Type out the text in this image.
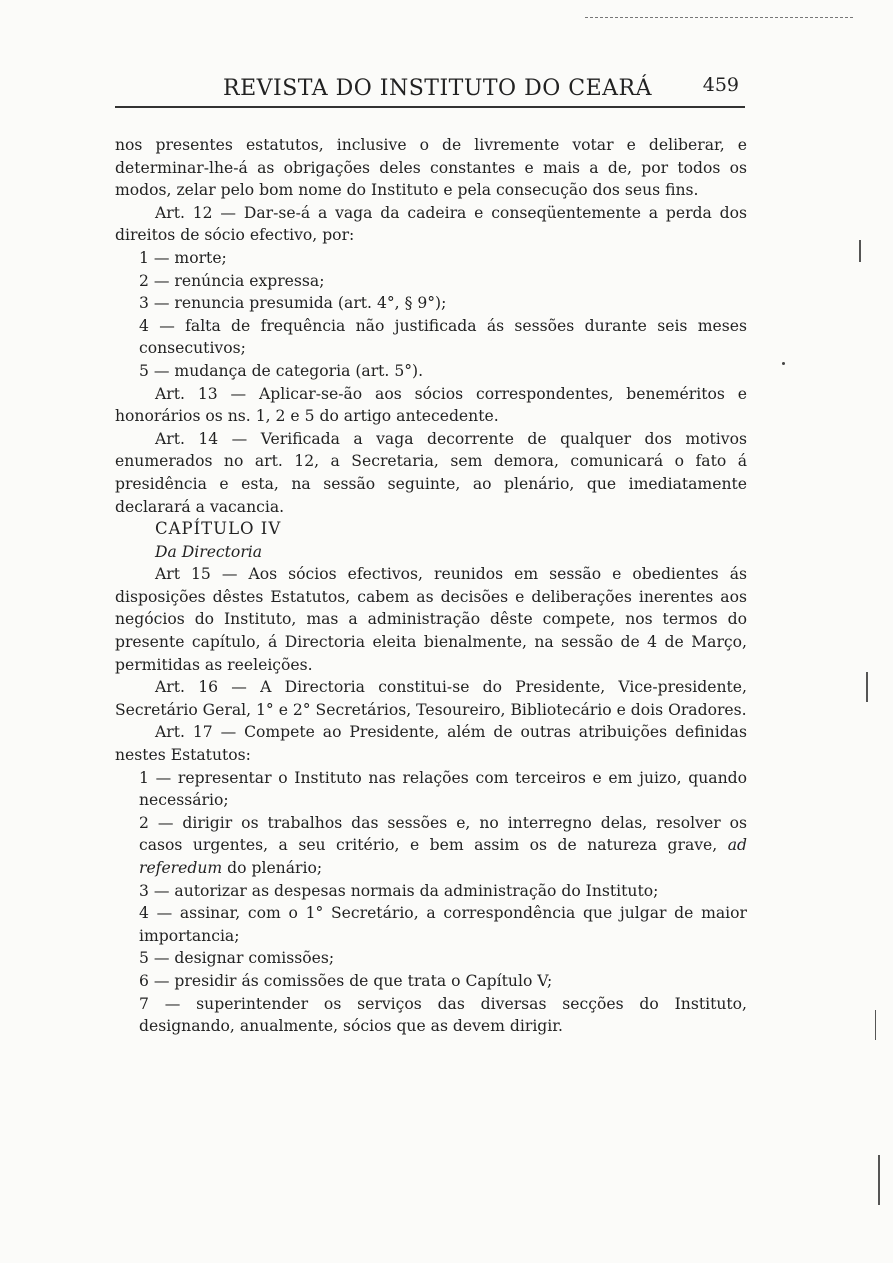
REVISTA DO INSTITUTO DO CEARÁ	459

nos presentes estatutos, inclusive o de livremente votar e deliberar, e determinar-lhe-á as obrigações deles constantes e mais a de, por todos os modos, zelar pelo bom nome do Instituto e pela consecução dos seus fins.

Art. 12 — Dar-se-á a vaga da cadeira e conseqüentemente a perda dos direitos de sócio efectivo, por:

1 — morte;

2 — renúncia expressa;

3 — renuncia presumida (art. 4°, § 9°);

4 — falta de frequência não justificada ás sessões durante seis meses consecutivos;

5 — mudança de categoria (art. 5°).

Art. 13 — Aplicar-se-ão aos sócios correspondentes, beneméritos e honorários os ns. 1, 2 e 5 do artigo antecedente.

Art. 14 — Verificada a vaga decorrente de qualquer dos motivos enumerados no art. 12, a Secretaria, sem demora, comunicará o fato á presidência e esta, na sessão seguinte, ao plenário, que imediatamente declarará a vacancia.

CAPÍTULO IV

Da Directoria

Art 15 — Aos sócios efectivos, reunidos em sessão e obedientes ás disposições dêstes Estatutos, cabem as decisões e deliberações inerentes aos negócios do Instituto, mas a administração dêste compete, nos termos do presente capítulo, á Directoria eleita bienalmente, na sessão de 4 de Março, permitidas as reeleições.

Art. 16 — A Directoria constitui-se do Presidente, Vice-presidente, Secretário Geral, 1° e 2° Secretários, Tesoureiro, Bibliotecário e dois Oradores.

Art. 17 — Compete ao Presidente, além de outras atribuições definidas nestes Estatutos:

1 — representar o Instituto nas relações com terceiros e em juizo, quando necessário;

2 — dirigir os trabalhos das sessões e, no interregno delas, resolver os casos urgentes, a seu critério, e bem assim os de natureza grave, ad referedum do plenário;

3 — autorizar as despesas normais da administração do Instituto;

4 — assinar, com o 1° Secretário, a correspondência que julgar de maior importancia;

5 — designar comissões;

6 — presidir ás comissões de que trata o Capítulo V;

7 — superintender os serviços das diversas secções do Instituto, designando, anualmente, sócios que as devem dirigir.
